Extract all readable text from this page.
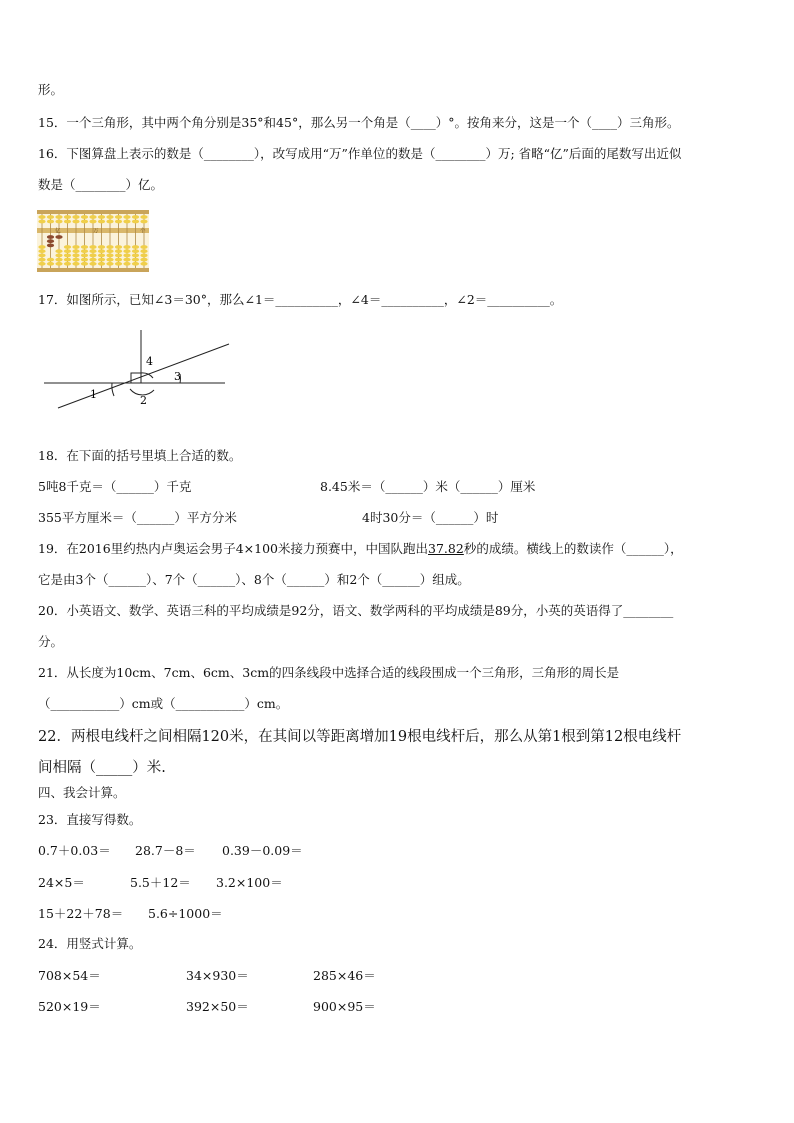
形。
15．一个三角形，其中两个角分别是35°和45°，那么另一个角是（____）°。按角来分，这是一个（____）三角形。
16．下图算盘上表示的数是（________），改写成用“万”作单位的数是（________）万; 省略“亿”后面的尾数写出近似
数是（________）亿。
亿	万	个
17．如图所示，已知∠3＝30°，那么∠1＝__________，∠4＝__________，∠2＝__________。
1	2
3
4
18．在下面的括号里填上合适的数。
5吨8千克＝（______）千克	8.45米＝（______）米（______）厘米
355平方厘米＝（______）平方分米	4时30分＝（______）时
19．在2016里约热内卢奥运会男子4×100米接力预赛中，中国队跑出37.82秒的成绩。横线上的数读作（______），
它是由3个（______）、7个（______）、8个（______）和2个（______）组成。
20．小英语文、数学、英语三科的平均成绩是92分，语文、数学两科的平均成绩是89分，小英的英语得了________
分。
21．从长度为10cm、7cm、6cm、3cm的四条线段中选择合适的线段围成一个三角形，三角形的周长是
（___________）cm或（___________）cm。
22．两根电线杆之间相隔120米，在其间以等距离增加19根电线杆后，那么从第1根到第12根电线杆
间相隔（_____）米.
四、我会计算。
23．直接写得数。
0.7＋0.03＝ 28.7－8＝ 0.39－0.09＝
24×5＝	5.5＋12＝ 3.2×100＝
15＋22＋78＝ 5.6÷1000＝
24．用竖式计算。
708×54＝	34×930＝	285×46＝
520×19＝	392×50＝	900×95＝
